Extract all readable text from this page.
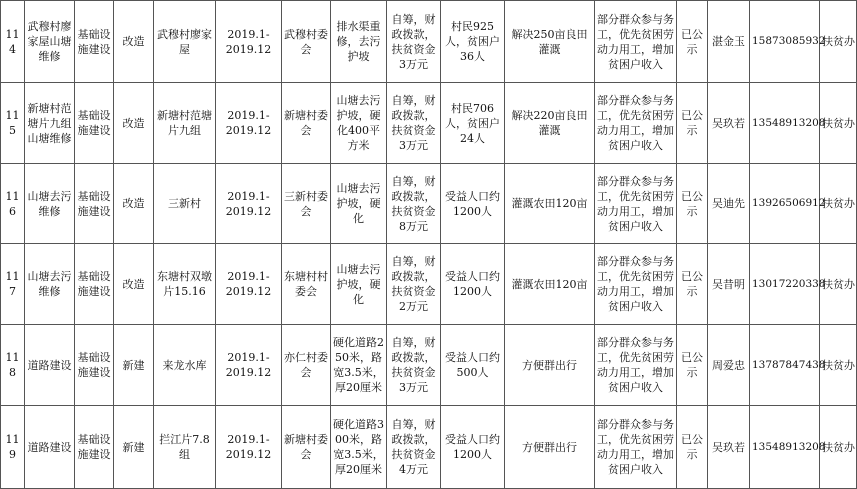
114	武穆村廖家屋山塘维修	基础设施建设	改造	武穆村廖家屋	2019.1-
2019.12	武穆村委会	排水渠重修，去污护坡	自筹，财政拨款，扶贫资金3万元	村民925人，贫困户36人	解决250亩良田灌溉	部分群众参与务工，优先贫困劳动力用工，增加贫困户收入	已公示	湛金玉	15873085932	扶贫办
115	新塘村范塘片九组山塘维修	基础设施建设	改造	新塘村范塘片九组	2019.1-
2019.12	新塘村委会	山塘去污护坡，硬化400平方米	自筹，财政拨款，扶贫资金3万元	村民706人，贫困户24人	解决220亩良田灌溉	部分群众参与务工，优先贫困劳动力用工，增加贫困户收入	已公示	吴玖若	13548913208	扶贫办
116	山塘去污维修	基础设施建设	改造	三新村	2019.1-
2019.12	三新村委会	山塘去污护坡，硬化	自筹，财政拨款，扶贫资金8万元	受益人口约1200人	灌溉农田120亩	部分群众参与务工，优先贫困劳动力用工，增加贫困户收入	已公示	吴迪先	13926506912	扶贫办
117	山塘去污维修	基础设施建设	改造	东塘村双墩片15.16	2019.1-
2019.12	东塘村村委会	山塘去污护坡，硬化	自筹，财政拨款，扶贫资金2万元	受益人口约1200人	灌溉农田120亩	部分群众参与务工，优先贫困劳动力用工，增加贫困户收入	已公示	吴昔明	13017220338	扶贫办
118	道路建设	基础设施建设	新建	来龙水库	2019.1-
2019.12	亦仁村委会	硬化道路250米，路宽3.5米，厚20厘米	自筹，财政拨款，扶贫资金3万元	受益人口约500人	方便群出行	部分群众参与务工，优先贫困劳动力用工，增加贫困户收入	已公示	周爱忠	13787847438	扶贫办
119	道路建设	基础设施建设	新建	拦江片7.8组	2019.1-
2019.12	新塘村委会	硬化道路300米，路宽3.5米，厚20厘米	自筹，财政拨款，扶贫资金4万元	受益人口约1200人	方便群出行	部分群众参与务工，优先贫困劳动力用工，增加贫困户收入	已公示	吴玖若	13548913208	扶贫办
